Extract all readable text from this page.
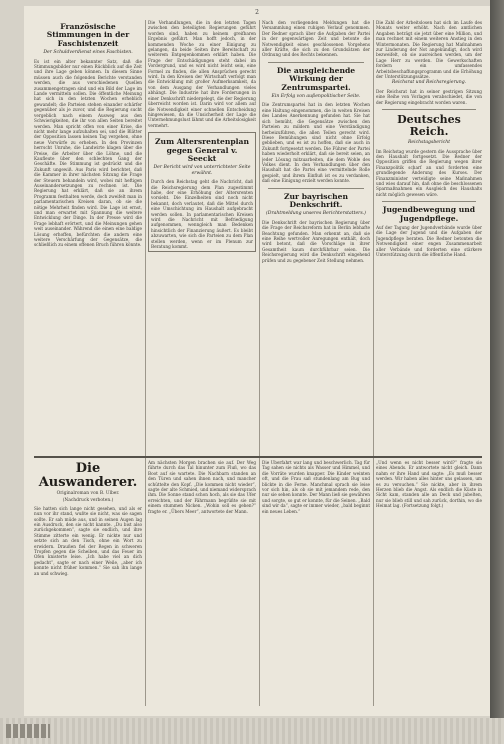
2
Französische Stimmungen in der Faschistenzeit
Der Schuldverdienst eines Faschisten.
Es ist ein alter bekannter Satz, daß die Stimmungsbilder nur einen Rückblick auf die Zeit und ihre Lage geben können. In diesem Sinne müssen auch die folgenden Berichte verstanden werden, die aus verschiedenen Quellen zusammengetragen sind und ein Bild der Lage im Lande vermitteln sollen. Die öffentliche Meinung hat sich in den letzten Wochen erheblich gewandelt; die Parteien stehen einander schärfer gegenüber als je zuvor, und die Regierung sucht vergeblich nach einem Ausweg aus den Schwierigkeiten, die ihr von allen Seiten bereitet werden. Man spricht offen von einer Krise, die nicht mehr lange aufzuhalten sei, und die Blätter der Opposition lassen keinen Tag vergehen, ohne neue Vorwürfe zu erheben. In den Provinzen herrscht Unruhe, die Landwirte klagen über die Preise, die Arbeiter über die Löhne, und die Kaufleute über den schlechten Gang der Geschäfte. Die Stimmung ist gedrückt und die Zukunft ungewiß. Aus Paris wird berichtet, daß die Kammer in ihrer nächsten Sitzung die Frage der Steuern behandeln wird, wobei mit heftigen Auseinandersetzungen zu rechnen ist. Die Regierung hat erklärt, daß sie an ihrem Programm festhalten werde, doch zweifelt man in parlamentarischen Kreisen daran, ob sie die nötige Mehrheit finden wird. Die Lage ist ernst, und man erwartet mit Spannung die weitere Entwicklung der Dinge. In der Presse wird die Frage lebhaft erörtert, und die Meinungen gehen weit auseinander. Während die einen eine baldige Lösung erhoffen, befürchten die andern eine weitere Verschärfung der Gegensätze, die schließlich zu einem offenen Bruch führen könnte.
Die Verhandlungen, die in den letzten Tagen zwischen den beteiligten Regierungen geführt worden sind, haben zu keinem greifbaren Ergebnis geführt. Man hofft jedoch, in der kommenden Woche zu einer Einigung zu gelangen, da beide Seiten ihre Bereitschaft zu weiterem Entgegenkommen erklärt haben. Die Frage der Entschädigungen steht dabei im Vordergrund, und es wird nicht leicht sein, eine Formel zu finden, die allen Ansprüchen gerecht wird. In den Kreisen der Wirtschaft verfolgt man die Entwicklung mit großer Aufmerksamkeit, da von dem Ausgang der Verhandlungen vieles abhängt. Die Industrie hat ihre Forderungen in einer Denkschrift niedergelegt, die der Regierung überreicht worden ist. Darin wird vor allem auf die Notwendigkeit einer schnellen Entscheidung hingewiesen, da die Unsicherheit der Lage die Unternehmungslust lähmt und die Arbeitslosigkeit vermehrt.
Zum Altersrentenplan gegen General v. Seeckt
Der Bericht wird von unterrichteter Seite erwähnt.
Durch den Reichstag geht die Nachricht, daß die Reichsregierung dem Plan zugestimmt habe, der eine Erhöhung der Altersrenten vorsieht. Die Einzelheiten sind noch nicht bekannt, doch verlautet, daß die Mittel durch eine Umschichtung im Haushalt aufgebracht werden sollen. In parlamentarischen Kreisen wird die Nachricht mit Befriedigung aufgenommen, wenngleich man Bedenken hinsichtlich der Finanzierung äußert. Es bleibt abzuwarten, wie sich die Parteien zu dem Plan stellen werden, wenn er im Plenum zur Beratung kommt.
Nach den vorliegenden Meldungen hat die Versammlung einen ruhigen Verlauf genommen. Der Redner sprach über die Aufgaben der Partei in der gegenwärtigen Zeit und betonte die Notwendigkeit eines geschlossenen Vorgehens aller Kräfte, die sich zu den Grundsätzen der Ordnung und des Rechts bekennen.
Die ausgleichende Wirkung der Zentrumspartei.
Ein Erfolg von außenpolitischer Seite.
Die Zentrumspartei hat in den letzten Wochen eine Haltung eingenommen, die in weiten Kreisen des Landes Anerkennung gefunden hat. Sie hat sich bemüht, die Gegensätze zwischen den Parteien zu mildern und eine Verständigung herbeizuführen, die allen Teilen gerecht wird. Diese Bemühungen sind nicht ohne Erfolg geblieben, und es ist zu hoffen, daß sie auch in Zukunft fortgesetzt werden. Die Führer der Partei haben wiederholt erklärt, daß sie bereit seien, an jeder Lösung mitzuarbeiten, die dem Wohle des Volkes dient. In den Verhandlungen über den Haushalt hat die Partei eine vermittelnde Rolle gespielt, und ihrem Einfluß ist es zu verdanken, daß eine Einigung erzielt werden konnte.
Zur bayrischen Denkschrift.
(Drahtmeldung unseres Berichterstatters.)
Die Denkschrift der bayrischen Regierung über die Frage der Reichsreform hat in Berlin lebhafte Beachtung gefunden. Man erkennt an, daß sie eine Reihe wertvoller Anregungen enthält, doch wird betont, daß die Vorschläge in ihrer Gesamtheit kaum durchführbar seien. Die Reichsregierung wird die Denkschrift eingehend prüfen und zu gegebener Zeit Stellung nehmen.
Die Zahl der Arbeitslosen hat sich im Laufe des Monats weiter erhöht. Nach den amtlichen Angaben beträgt sie jetzt über eine Million, und man rechnet mit einem weiteren Anstieg in den Wintermonaten. Die Regierung hat Maßnahmen zur Linderung der Not angekündigt, doch wird bezweifelt, ob sie ausreichen werden, um der Lage Herr zu werden. Die Gewerkschaften fordern ein umfassendes Arbeitsbeschaffungsprogramm und die Erhöhung der Unterstützungssätze.
Reichsrat und Reichsregierung.
Der Reichsrat hat in seiner gestrigen Sitzung eine Reihe von Vorlagen verabschiedet, die von der Regierung eingebracht worden waren.
Deutsches Reich.
Reichstagsbericht
Im Reichstag wurde gestern die Aussprache über den Haushalt fortgesetzt. Die Redner der Opposition griffen die Regierung wegen ihrer Finanzpolitik scharf an und forderten eine grundlegende Änderung des Kurses. Der Finanzminister verteidigte seine Maßnahmen und wies darauf hin, daß ohne die beschlossenen Sparmaßnahmen ein Ausgleich des Haushalts nicht möglich gewesen wäre.
Jugendbewegung und Jugendpflege.
Auf der Tagung der Jugendverbände wurde über die Lage der Jugend und die Aufgaben der Jugendpflege beraten. Die Redner betonten die Notwendigkeit einer engen Zusammenarbeit aller Verbände und forderten eine stärkere Unterstützung durch die öffentliche Hand.
Die Auswanderer.
Originalroman von B. Ulber.
(Nachdruck verboten.)
Sie hatten sich lange nicht gesehen, und als er nun vor ihr stand, wußte sie nicht, was sie sagen sollte. Er sah müde aus, und in seinen Augen lag ein Ausdruck, den sie nicht kannte. „Du bist also zurückgekommen“, sagte sie endlich, und ihre Stimme zitterte ein wenig. Er nickte nur und setzte sich an den Tisch, ohne ein Wort zu erwidern. Draußen fiel der Regen in schweren Tropfen gegen die Scheiben, und das Feuer im Ofen knisterte leise. „Ich habe viel an dich gedacht“, sagte er nach einer Weile, „aber ich konnte nicht früher kommen.“ Sie sah ihn lange an und schwieg.
Am nächsten Morgen brachen sie auf. Der Weg führte durch das Tal hinunter zum Fluß, wo das Boot auf sie wartete. Die Nachbarn standen an den Türen und sahen ihnen nach, und mancher schüttelte den Kopf. „Die kommen nicht wieder“, sagte der alte Schmied, und niemand widersprach ihm. Die Sonne stand schon hoch, als sie das Ufer erreichten, und der Fährmann begrüßte sie mit einem stummen Nicken. „Wohin soll es gehen?“ fragte er. „Übers Meer“, antwortete der Mann.
Die Überfahrt war lang und beschwerlich. Tag für Tag sahen sie nichts als Wasser und Himmel, und die Vorräte wurden knapper. Die Kinder weinten oft, und die Frau saß stundenlang am Bug und blickte in die Ferne. Manchmal sprach sie leise vor sich hin, als ob sie mit jemandem rede, den nur sie sehen konnte. Der Mann ließ sie gewähren und sorgte, so gut er konnte, für die Seinen. „Bald sind wir da“, sagte er immer wieder, „bald beginnt ein neues Leben.“
„Und wenn es nicht besser wird?“ fragte sie eines Abends. Er antwortete nicht gleich. Dann nahm er ihre Hand und sagte: „Es muß besser werden. Wir haben alles hinter uns gelassen, um es zu versuchen.“ Sie nickte, aber in ihrem Herzen blieb die Angst. Als endlich die Küste in Sicht kam, standen alle an Deck und jubelten, nur sie blieb still und sah zurück, dorthin, wo die Heimat lag. (Fortsetzung folgt.)
